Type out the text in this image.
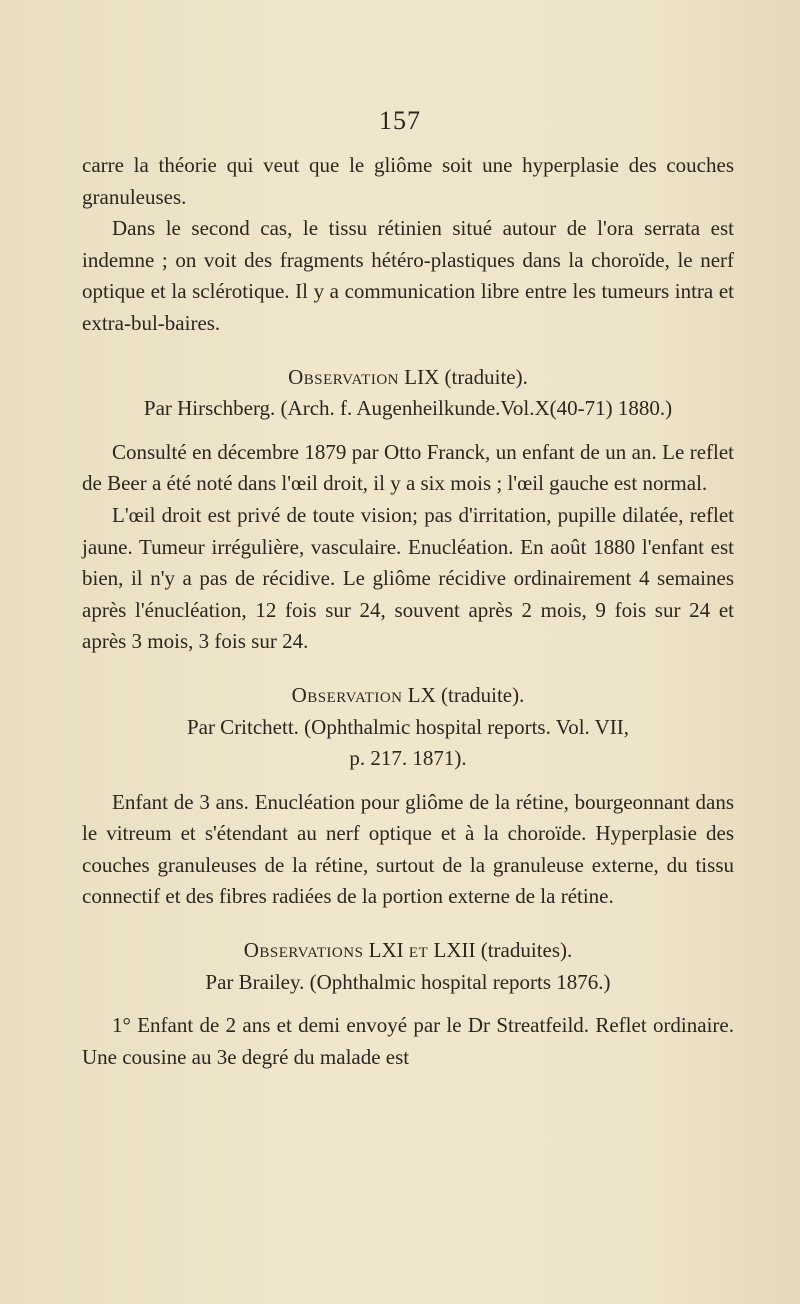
157

carre la théorie qui veut que le gliôme soit une hyperplasie des couches granuleuses.

Dans le second cas, le tissu rétinien situé autour de l'ora serrata est indemne ; on voit des fragments hétéro-plastiques dans la choroïde, le nerf optique et la sclérotique. Il y a communication libre entre les tumeurs intra et extra-bul-baires.

Observation LIX (traduite).

Par Hirschberg. (Arch. f. Augenheilkunde.Vol.X(40-71) 1880.)

Consulté en décembre 1879 par Otto Franck, un enfant de un an. Le reflet de Beer a été noté dans l'œil droit, il y a six mois ; l'œil gauche est normal.

L'œil droit est privé de toute vision; pas d'irritation, pupille dilatée, reflet jaune. Tumeur irrégulière, vasculaire. Enucléation. En août 1880 l'enfant est bien, il n'y a pas de récidive. Le gliôme récidive ordinairement 4 semaines après l'énucléation, 12 fois sur 24, souvent après 2 mois, 9 fois sur 24 et après 3 mois, 3 fois sur 24.

Observation LX (traduite).

Par Critchett. (Ophthalmic hospital reports. Vol. VII,

p. 217. 1871).

Enfant de 3 ans. Enucléation pour gliôme de la rétine, bourgeonnant dans le vitreum et s'étendant au nerf optique et à la choroïde. Hyperplasie des couches granuleuses de la rétine, surtout de la granuleuse externe, du tissu connectif et des fibres radiées de la portion externe de la rétine.

Observations LXI et LXII (traduites).

Par Brailey. (Ophthalmic hospital reports 1876.)

1° Enfant de 2 ans et demi envoyé par le Dr Streatfeild. Reflet ordinaire. Une cousine au 3e degré du malade est
